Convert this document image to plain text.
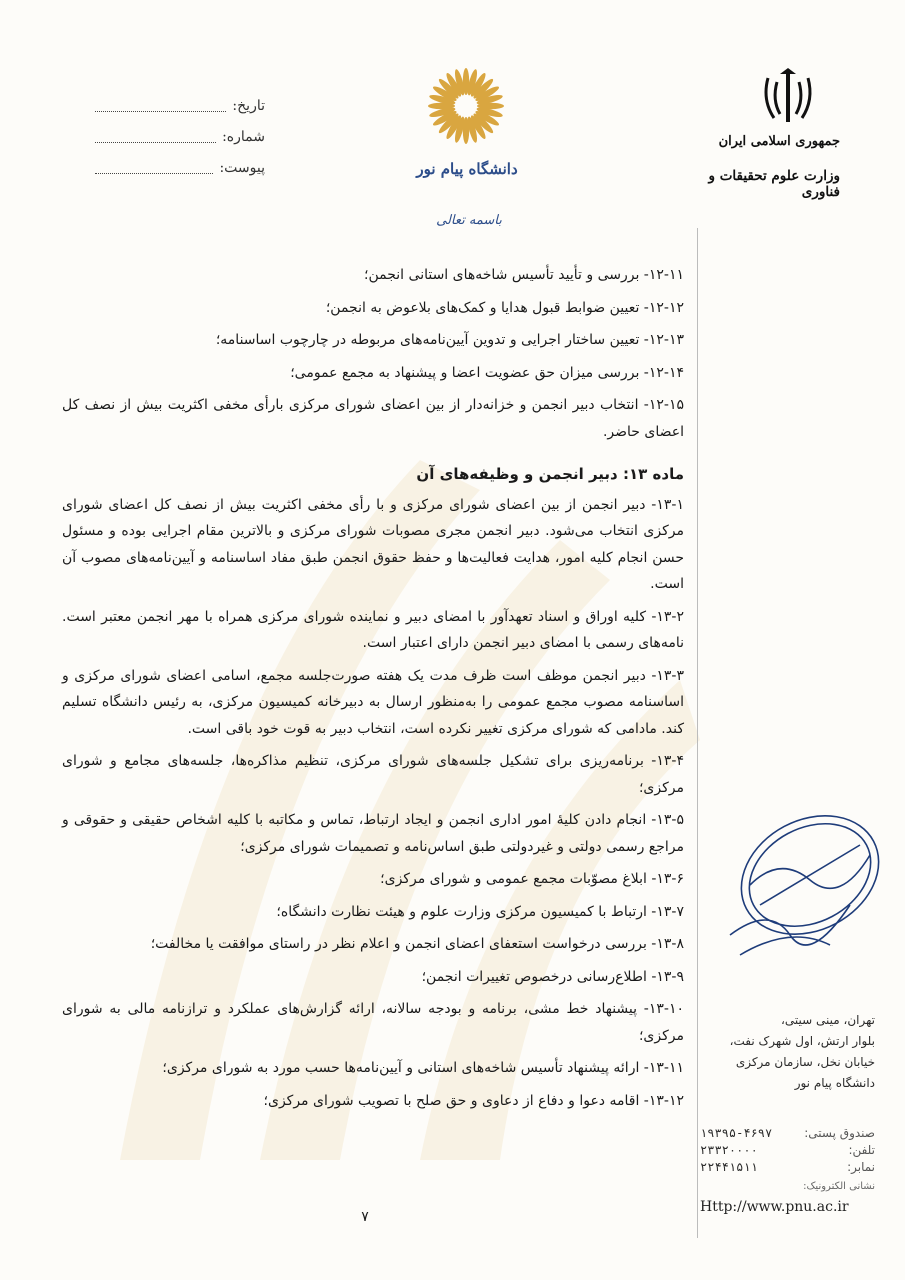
تاریخ:
شماره:
پیوست:	دانشگاه پیام نور
باسمه تعالی
جمهوری اسلامی ایران
وزارت علوم تحقیقات و فناوری

۱۲-۱۱- بررسی و تأیید تأسیس شاخه‌های استانی انجمن؛

۱۲-۱۲- تعیین ضوابط قبول هدایا و کمک‌های بلاعوض به انجمن؛

۱۲-۱۳- تعیین ساختار اجرایی و تدوین آیین‌نامه‌های مربوطه در چارچوب اساسنامه؛

۱۲-۱۴- بررسی میزان حق عضویت اعضا و پیشنهاد به مجمع عمومی؛

۱۲-۱۵- انتخاب دبیر انجمن و خزانه‌دار از بین اعضای شورای مرکزی بارأی مخفی اکثریت بیش از نصف کل اعضای حاضر.

ماده ۱۳: دبیر انجمن و وظیفه‌های آن

۱۳-۱- دبیر انجمن از بین اعضای شورای مرکزی و با رأی مخفی اکثریت بیش از نصف کل اعضای شورای مرکزی انتخاب می‌شود. دبیر انجمن مجری مصوبات شورای مرکزی و بالاترین مقام اجرایی بوده و مسئول حسن انجام کلیه امور، هدایت فعالیت‌ها و حفظ حقوق انجمن طبق مفاد اساسنامه و آیین‌نامه‌های مصوب آن است.

۱۳-۲- کلیه اوراق و اسناد تعهدآور با امضای دبیر و نماینده شورای مرکزی همراه با مهر انجمن معتبر است. نامه‌های رسمی با امضای دبیر انجمن دارای اعتبار است.

۱۳-۳- دبیر انجمن موظف است ظرف مدت یک هفته صورت‌جلسه مجمع، اسامی اعضای شورای مرکزی و اساسنامه مصوب مجمع عمومی را به‌منظور ارسال به دبیرخانه کمیسیون مرکزی، به رئیس دانشگاه تسلیم کند. مادامی که شورای مرکزی تغییر نکرده است، انتخاب دبیر به قوت خود باقی است.

۱۳-۴- برنامه‌ریزی برای تشکیل جلسه‌های شورای مرکزی، تنظیم مذاکره‌ها، جلسه‌های مجامع و شورای مرکزی؛

۱۳-۵- انجام دادن کلیهٔ امور اداری انجمن و ایجاد ارتباط، تماس و مکاتبه با کلیه اشخاص حقیقی و حقوقی و مراجع رسمی دولتی و غیردولتی طبق اساس‌نامه و تصمیمات شورای مرکزی؛

۱۳-۶- ابلاغ مصوّبات مجمع عمومی و شورای مرکزی؛

۱۳-۷- ارتباط با کمیسیون مرکزی وزارت علوم و هیئت نظارت دانشگاه؛

۱۳-۸- بررسی درخواست استعفای اعضای انجمن و اعلام نظر در راستای موافقت یا مخالفت؛

۱۳-۹- اطلاع‌رسانی درخصوص تغییرات انجمن؛

۱۳-۱۰- پیشنهاد خط مشی، برنامه و بودجه سالانه، ارائه گزارش‌های عملکرد و ترازنامه مالی به شورای مرکزی؛

۱۳-۱۱- ارائه پیشنهاد تأسیس شاخه‌های استانی و آیین‌نامه‌ها حسب مورد به شورای مرکزی؛

۱۳-۱۲- اقامه دعوا و دفاع از دعاوی و حق صلح با تصویب شورای مرکزی؛

تهران، مینی سیتی،
بلوار ارتش، اول شهرک نفت،
خیابان نخل، سازمان مرکزی
دانشگاه پیام نور
۱۹۳۹۵-۴۶۹۷	صندوق پستی:
۲۳۳۲۰۰۰۰	تلفن:
۲۲۴۴۱۵۱۱	نمابر:
نشانی الکترونیک:
Http://www.pnu.ac.ir
۷
